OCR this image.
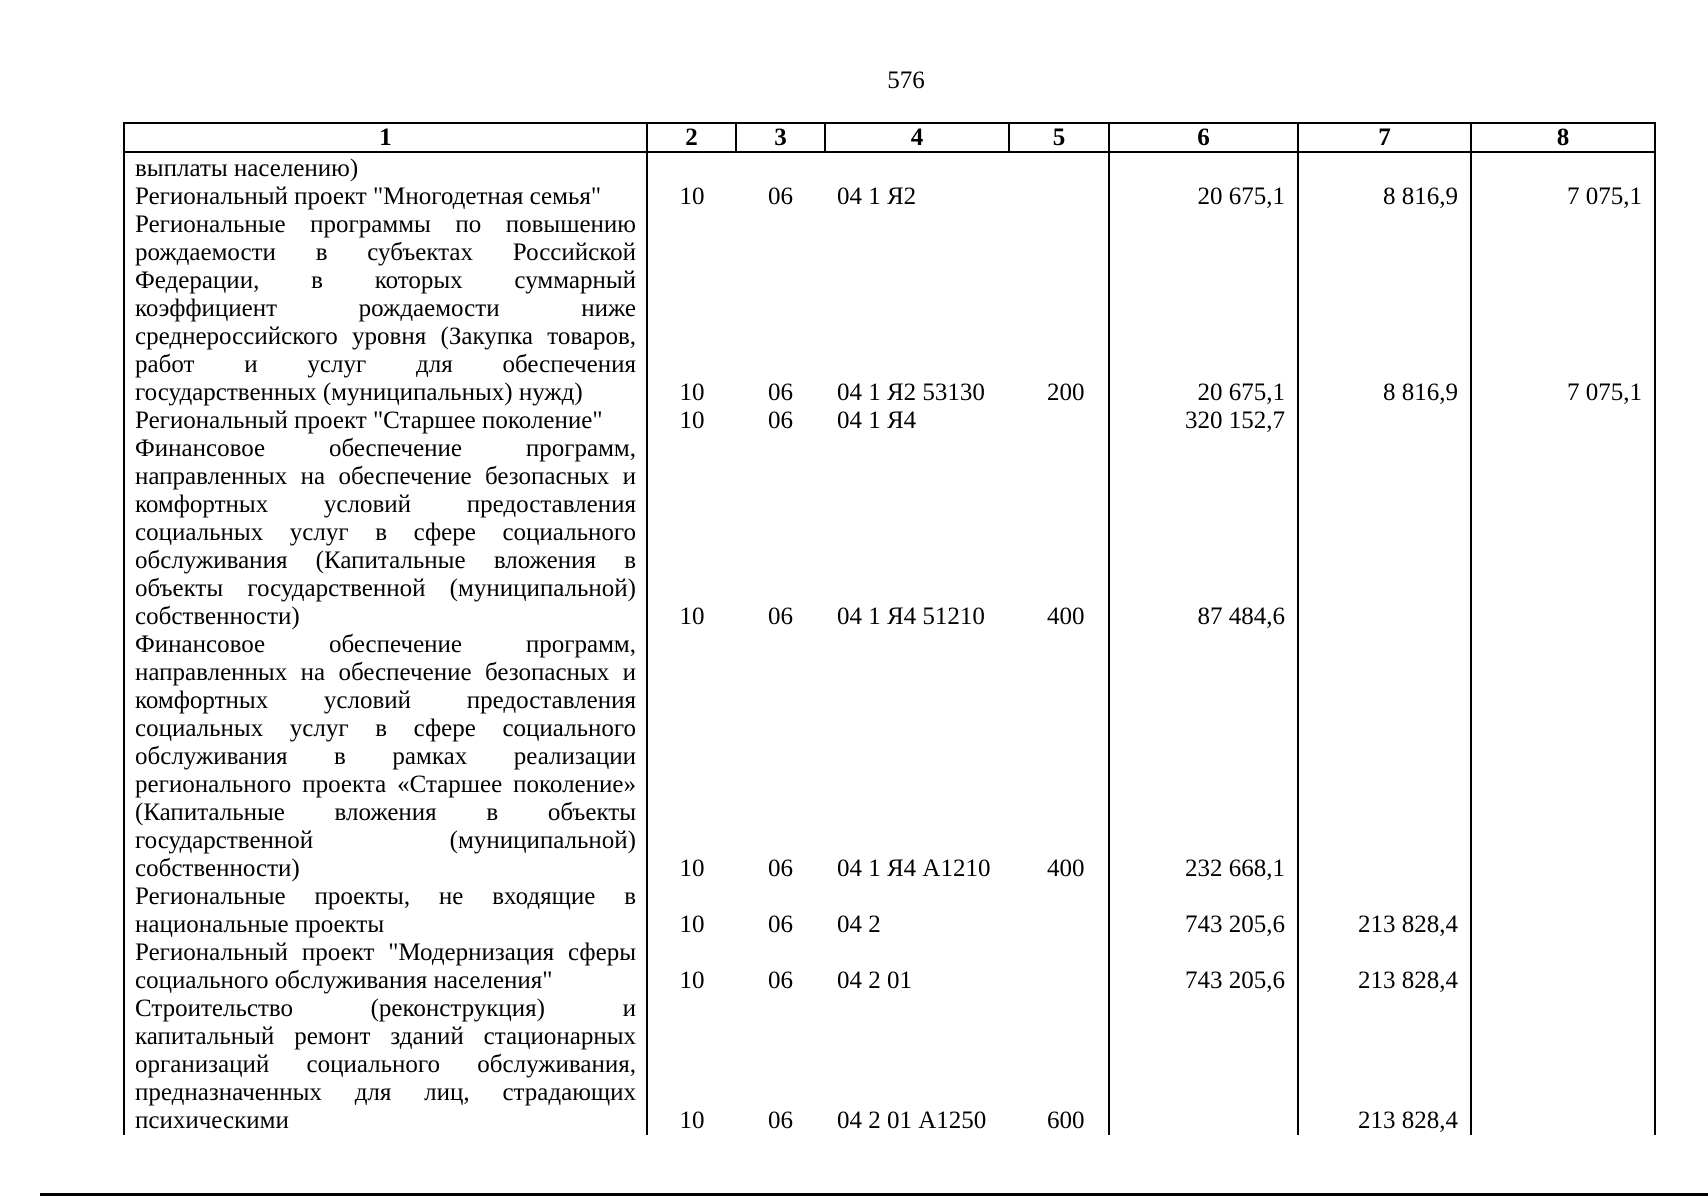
576
1	2	3	4	5	6	7	8
выплаты населению)							
Региональный проект "Многодетная семья"	10	06	04 1 Я2		20 675,1	8 816,9	7 075,1
Региональные программы по повышению рождаемости в субъектах Российской Федерации, в которых суммарный коэффициент рождаемости ниже среднероссийского уровня (Закупка товаров, работ и услуг для обеспечения государственных (муниципальных) нужд)	10	06	04 1 Я2 53130	200	20 675,1	8 816,9	7 075,1
Региональный проект "Старшее поколение"	10	06	04 1 Я4		320 152,7		
Финансовое обеспечение программ, направленных на обеспечение безопасных и комфортных условий предоставления социальных услуг в сфере социального обслуживания (Капитальные вложения в объекты государственной (муниципальной) собственности)	10	06	04 1 Я4 51210	400	87 484,6		
Финансовое обеспечение программ, направленных на обеспечение безопасных и комфортных условий предоставления социальных услуг в сфере социального обслуживания в рамках реализации регионального проекта «Старшее поколение» (Капитальные вложения в объекты государственной (муниципальной) собственности)	10	06	04 1 Я4 А1210	400	232 668,1		
Региональные проекты, не входящие в национальные проекты	10	06	04 2		743 205,6	213 828,4	
Региональный проект "Модернизация сферы социального обслуживания населения"	10	06	04 2 01		743 205,6	213 828,4	
Строительство (реконструкция) и капитальный ремонт зданий стационарных организаций социального обслуживания, предназначенных для лиц, страдающих психическими	10	06	04 2 01 А1250	600		213 828,4	
